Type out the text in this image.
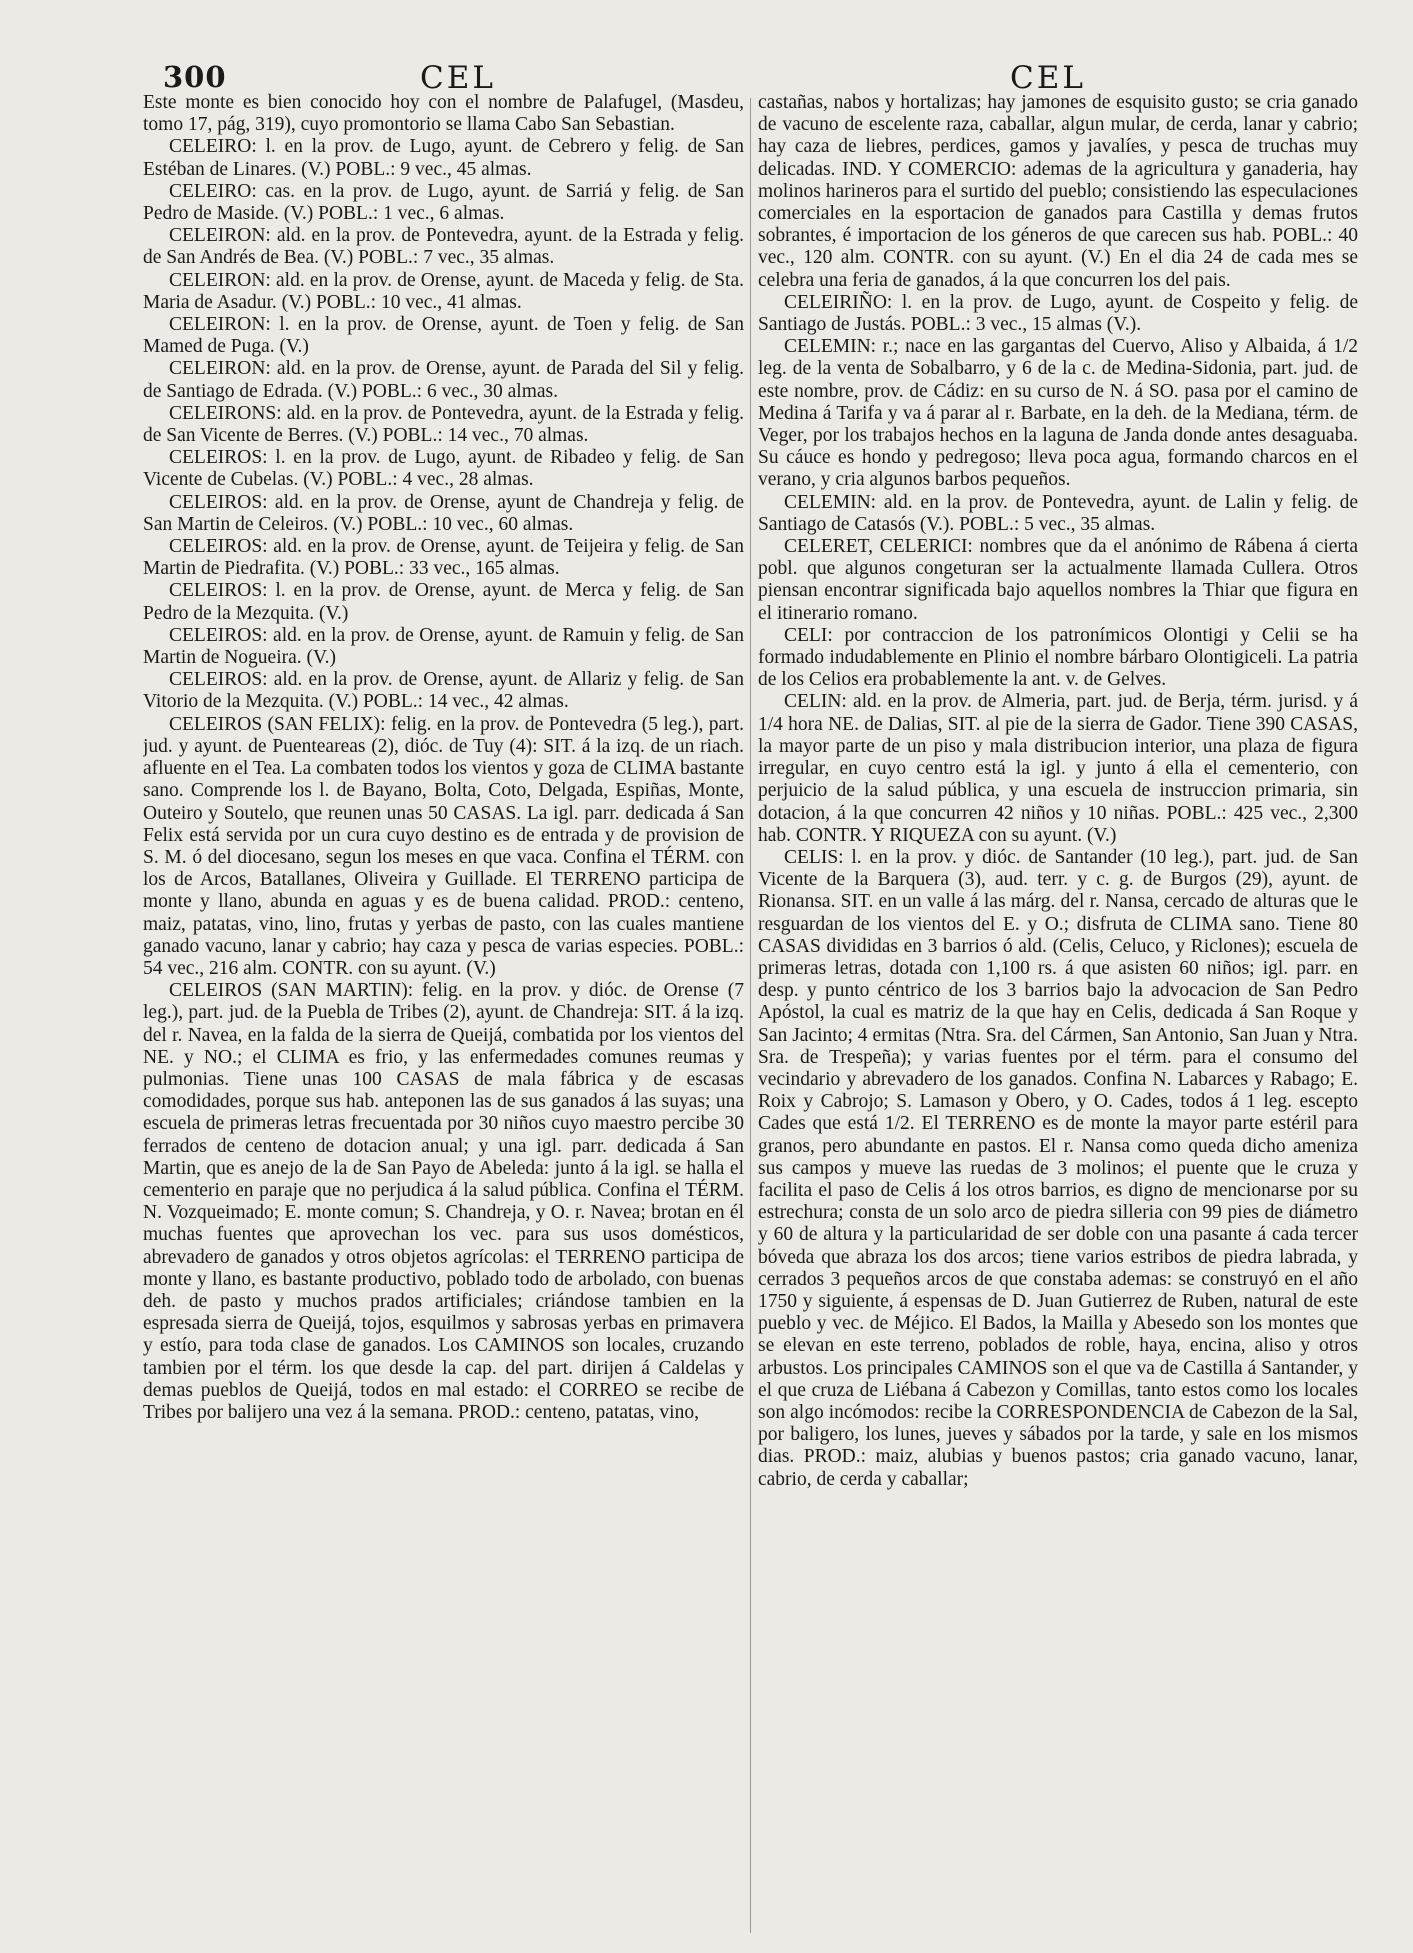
300	CEL	CEL

Este monte es bien conocido hoy con el nombre de Palafugel, (Masdeu, tomo 17, pág, 319), cuyo promontorio se llama Cabo San Sebastian.

CELEIRO: l. en la prov. de Lugo, ayunt. de Cebrero y felig. de San Estéban de Linares. (V.) POBL.: 9 vec., 45 almas.

CELEIRO: cas. en la prov. de Lugo, ayunt. de Sarriá y felig. de San Pedro de Maside. (V.) POBL.: 1 vec., 6 almas.

CELEIRON: ald. en la prov. de Pontevedra, ayunt. de la Estrada y felig. de San Andrés de Bea. (V.) POBL.: 7 vec., 35 almas.

CELEIRON: ald. en la prov. de Orense, ayunt. de Maceda y felig. de Sta. Maria de Asadur. (V.) POBL.: 10 vec., 41 almas.

CELEIRON: l. en la prov. de Orense, ayunt. de Toen y felig. de San Mamed de Puga. (V.)

CELEIRON: ald. en la prov. de Orense, ayunt. de Parada del Sil y felig. de Santiago de Edrada. (V.) POBL.: 6 vec., 30 almas.

CELEIRONS: ald. en la prov. de Pontevedra, ayunt. de la Estrada y felig. de San Vicente de Berres. (V.) POBL.: 14 vec., 70 almas.

CELEIROS: l. en la prov. de Lugo, ayunt. de Ribadeo y felig. de San Vicente de Cubelas. (V.) POBL.: 4 vec., 28 almas.

CELEIROS: ald. en la prov. de Orense, ayunt de Chandreja y felig. de San Martin de Celeiros. (V.) POBL.: 10 vec., 60 almas.

CELEIROS: ald. en la prov. de Orense, ayunt. de Teijeira y felig. de San Martin de Piedrafita. (V.) POBL.: 33 vec., 165 almas.

CELEIROS: l. en la prov. de Orense, ayunt. de Merca y felig. de San Pedro de la Mezquita. (V.)

CELEIROS: ald. en la prov. de Orense, ayunt. de Ramuin y felig. de San Martin de Nogueira. (V.)

CELEIROS: ald. en la prov. de Orense, ayunt. de Allariz y felig. de San Vitorio de la Mezquita. (V.) POBL.: 14 vec., 42 almas.

CELEIROS (SAN FELIX): felig. en la prov. de Pontevedra (5 leg.), part. jud. y ayunt. de Puenteareas (2), dióc. de Tuy (4): SIT. á la izq. de un riach. afluente en el Tea. La combaten todos los vientos y goza de CLIMA bastante sano. Comprende los l. de Bayano, Bolta, Coto, Delgada, Espiñas, Monte, Outeiro y Soutelo, que reunen unas 50 CASAS. La igl. parr. dedicada á San Felix está servida por un cura cuyo destino es de entrada y de provision de S. M. ó del diocesano, segun los meses en que vaca. Confina el TÉRM. con los de Arcos, Batallanes, Oliveira y Guillade. El TERRENO participa de monte y llano, abunda en aguas y es de buena calidad. PROD.: centeno, maiz, patatas, vino, lino, frutas y yerbas de pasto, con las cuales mantiene ganado vacuno, lanar y cabrio; hay caza y pesca de varias especies. POBL.: 54 vec., 216 alm. CONTR. con su ayunt. (V.)

CELEIROS (SAN MARTIN): felig. en la prov. y dióc. de Orense (7 leg.), part. jud. de la Puebla de Tribes (2), ayunt. de Chandreja: SIT. á la izq. del r. Navea, en la falda de la sierra de Queijá, combatida por los vientos del NE. y NO.; el CLIMA es frio, y las enfermedades comunes reumas y pulmonias. Tiene unas 100 CASAS de mala fábrica y de escasas comodidades, porque sus hab. anteponen las de sus ganados á las suyas; una escuela de primeras letras frecuentada por 30 niños cuyo maestro percibe 30 ferrados de centeno de dotacion anual; y una igl. parr. dedicada á San Martin, que es anejo de la de San Payo de Abeleda: junto á la igl. se halla el cementerio en paraje que no perjudica á la salud pública. Confina el TÉRM. N. Vozqueimado; E. monte comun; S. Chandreja, y O. r. Navea; brotan en él muchas fuentes que aprovechan los vec. para sus usos domésticos, abrevadero de ganados y otros objetos agrícolas: el TERRENO participa de monte y llano, es bastante productivo, poblado todo de arbolado, con buenas deh. de pasto y muchos prados artificiales; criándose tambien en la espresada sierra de Queijá, tojos, esquilmos y sabrosas yerbas en primavera y estío, para toda clase de ganados. Los CAMINOS son locales, cruzando tambien por el térm. los que desde la cap. del part. dirijen á Caldelas y demas pueblos de Queijá, todos en mal estado: el CORREO se recibe de Tribes por balijero una vez á la semana. PROD.: centeno, patatas, vino,

castañas, nabos y hortalizas; hay jamones de esquisito gusto; se cria ganado de vacuno de escelente raza, caballar, algun mular, de cerda, lanar y cabrio; hay caza de liebres, perdices, gamos y javalíes, y pesca de truchas muy delicadas. IND. Y COMERCIO: ademas de la agricultura y ganaderia, hay molinos harineros para el surtido del pueblo; consistiendo las especulaciones comerciales en la esportacion de ganados para Castilla y demas frutos sobrantes, é importacion de los géneros de que carecen sus hab. POBL.: 40 vec., 120 alm. CONTR. con su ayunt. (V.) En el dia 24 de cada mes se celebra una feria de ganados, á la que concurren los del pais.

CELEIRIÑO: l. en la prov. de Lugo, ayunt. de Cospeito y felig. de Santiago de Justás. POBL.: 3 vec., 15 almas (V.).

CELEMIN: r.; nace en las gargantas del Cuervo, Aliso y Albaida, á 1/2 leg. de la venta de Sobalbarro, y 6 de la c. de Medina-Sidonia, part. jud. de este nombre, prov. de Cádiz: en su curso de N. á SO. pasa por el camino de Medina á Tarifa y va á parar al r. Barbate, en la deh. de la Mediana, térm. de Veger, por los trabajos hechos en la laguna de Janda donde antes desaguaba. Su cáuce es hondo y pedregoso; lleva poca agua, formando charcos en el verano, y cria algunos barbos pequeños.

CELEMIN: ald. en la prov. de Pontevedra, ayunt. de Lalin y felig. de Santiago de Catasós (V.). POBL.: 5 vec., 35 almas.

CELERET, CELERICI: nombres que da el anónimo de Rábena á cierta pobl. que algunos congeturan ser la actualmente llamada Cullera. Otros piensan encontrar significada bajo aquellos nombres la Thiar que figura en el itinerario romano.

CELI: por contraccion de los patronímicos Olontigi y Celii se ha formado indudablemente en Plinio el nombre bárbaro Olontigiceli. La patria de los Celios era probablemente la ant. v. de Gelves.

CELIN: ald. en la prov. de Almeria, part. jud. de Berja, térm. jurisd. y á 1/4 hora NE. de Dalias, SIT. al pie de la sierra de Gador. Tiene 390 CASAS, la mayor parte de un piso y mala distribucion interior, una plaza de figura irregular, en cuyo centro está la igl. y junto á ella el cementerio, con perjuicio de la salud pública, y una escuela de instruccion primaria, sin dotacion, á la que concurren 42 niños y 10 niñas. POBL.: 425 vec., 2,300 hab. CONTR. Y RIQUEZA con su ayunt. (V.)

CELIS: l. en la prov. y dióc. de Santander (10 leg.), part. jud. de San Vicente de la Barquera (3), aud. terr. y c. g. de Burgos (29), ayunt. de Rionansa. SIT. en un valle á las márg. del r. Nansa, cercado de alturas que le resguardan de los vientos del E. y O.; disfruta de CLIMA sano. Tiene 80 CASAS divididas en 3 barrios ó ald. (Celis, Celuco, y Riclones); escuela de primeras letras, dotada con 1,100 rs. á que asisten 60 niños; igl. parr. en desp. y punto céntrico de los 3 barrios bajo la advocacion de San Pedro Apóstol, la cual es matriz de la que hay en Celis, dedicada á San Roque y San Jacinto; 4 ermitas (Ntra. Sra. del Cármen, San Antonio, San Juan y Ntra. Sra. de Trespeña); y varias fuentes por el térm. para el consumo del vecindario y abrevadero de los ganados. Confina N. Labarces y Rabago; E. Roix y Cabrojo; S. Lamason y Obero, y O. Cades, todos á 1 leg. escepto Cades que está 1/2. El TERRENO es de monte la mayor parte estéril para granos, pero abundante en pastos. El r. Nansa como queda dicho ameniza sus campos y mueve las ruedas de 3 molinos; el puente que le cruza y facilita el paso de Celis á los otros barrios, es digno de mencionarse por su estrechura; consta de un solo arco de piedra silleria con 99 pies de diámetro y 60 de altura y la particularidad de ser doble con una pasante á cada tercer bóveda que abraza los dos arcos; tiene varios estribos de piedra labrada, y cerrados 3 pequeños arcos de que constaba ademas: se construyó en el año 1750 y siguiente, á espensas de D. Juan Gutierrez de Ruben, natural de este pueblo y vec. de Méjico. El Bados, la Mailla y Abesedo son los montes que se elevan en este terreno, poblados de roble, haya, encina, aliso y otros arbustos. Los principales CAMINOS son el que va de Castilla á Santander, y el que cruza de Liébana á Cabezon y Comillas, tanto estos como los locales son algo incómodos: recibe la CORRESPONDENCIA de Cabezon de la Sal, por baligero, los lunes, jueves y sábados por la tarde, y sale en los mismos dias. PROD.: maiz, alubias y buenos pastos; cria ganado vacuno, lanar, cabrio, de cerda y caballar;
